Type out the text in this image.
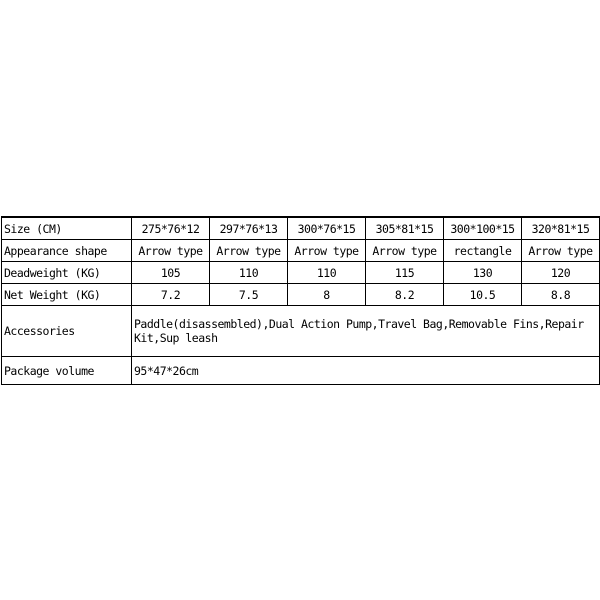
Size (CM)	275*76*12	297*76*13	300*76*15	305*81*15	300*100*15	320*81*15
Appearance shape	Arrow type	Arrow type	Arrow type	Arrow type	rectangle	Arrow type
Deadweight (KG)	105	110	110	115	130	120
Net Weight (KG)	7.2	7.5	8	8.2	10.5	8.8
Accessories	Paddle(disassembled),Dual Action Pump,Travel Bag,Removable Fins,Repair Kit,Sup leash					
Package volume	95*47*26cm					
